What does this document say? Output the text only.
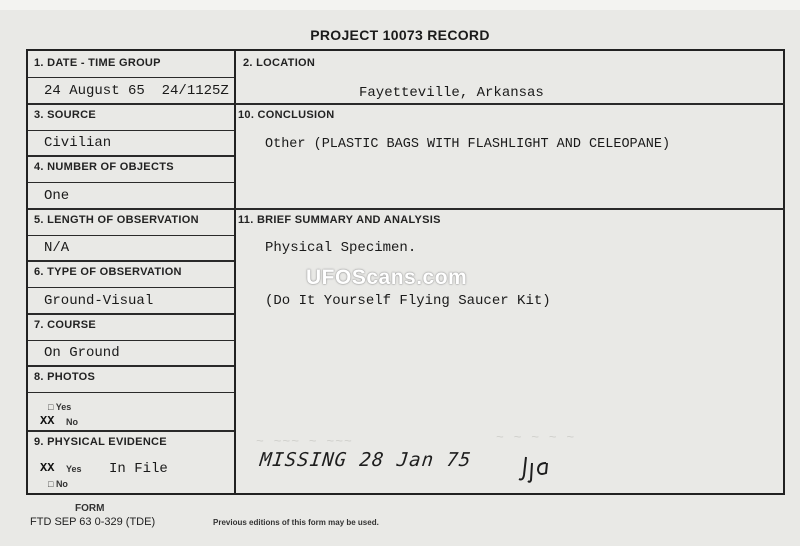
PROJECT 10073 RECORD
1. DATE - TIME GROUP
24 August 65  24/1125Z
3. SOURCE
Civilian
4. NUMBER OF OBJECTS
One
5. LENGTH OF OBSERVATION
N/A
6. TYPE OF OBSERVATION
Ground-Visual
7. COURSE
On Ground
8. PHOTOS
□ Yes
XX No
9. PHYSICAL EVIDENCE
XX Yes In File
□ No
2. LOCATION
Fayetteville, Arkansas
10. CONCLUSION
Other (PLASTIC BAGS WITH FLASHLIGHT AND CELEOPANE)
11. BRIEF SUMMARY AND ANALYSIS
Physical Specimen.
(Do It Yourself Flying Saucer Kit)
~ ~~~ ~ ~~~	~ ~ ~ ~ ~
UFOScans.com
MISSING 28 Jan 75
FORM
FTD SEP 63 0-329 (TDE)	Previous editions of this form may be used.
